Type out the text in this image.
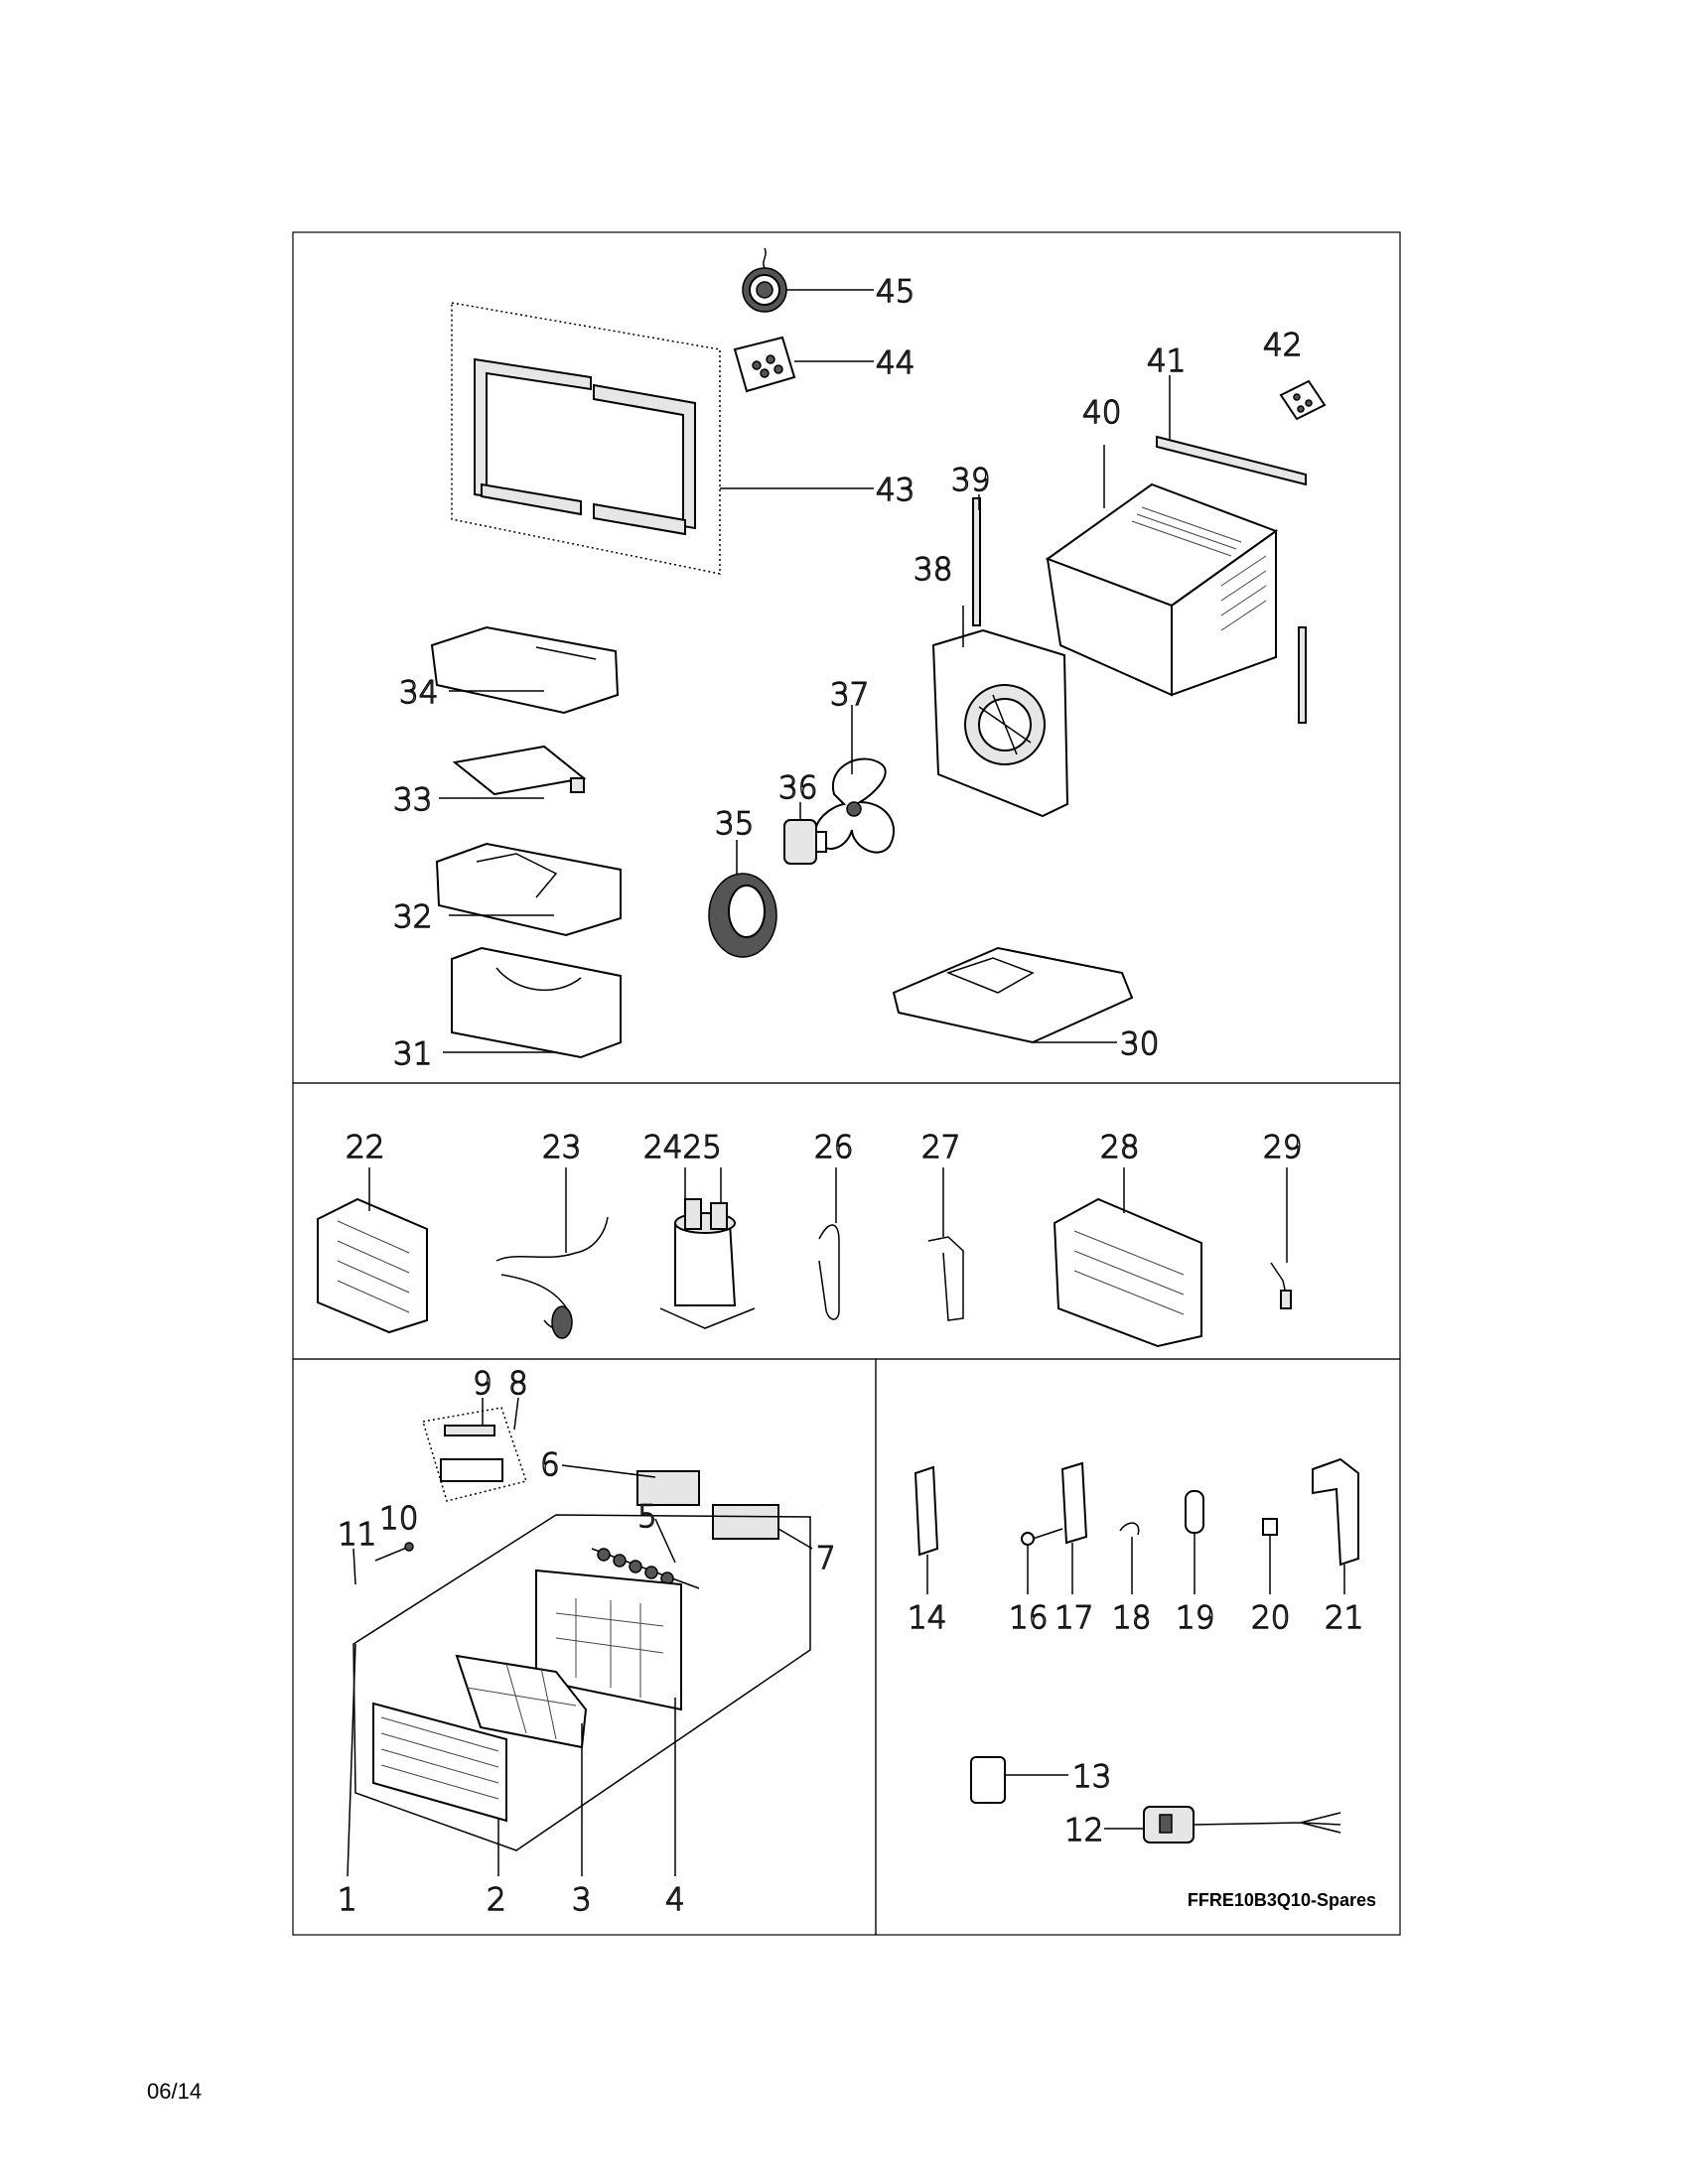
45
44
43
42
41
40
39
38
37
36
35
34
33
32
31	30
22	23 2425	26 27	28	29
9 8
6
11 10	5
7
1	2 3 4
14 16 17 18 19 20 21
13
12
FFRE10B3Q10-Spares
06/14
